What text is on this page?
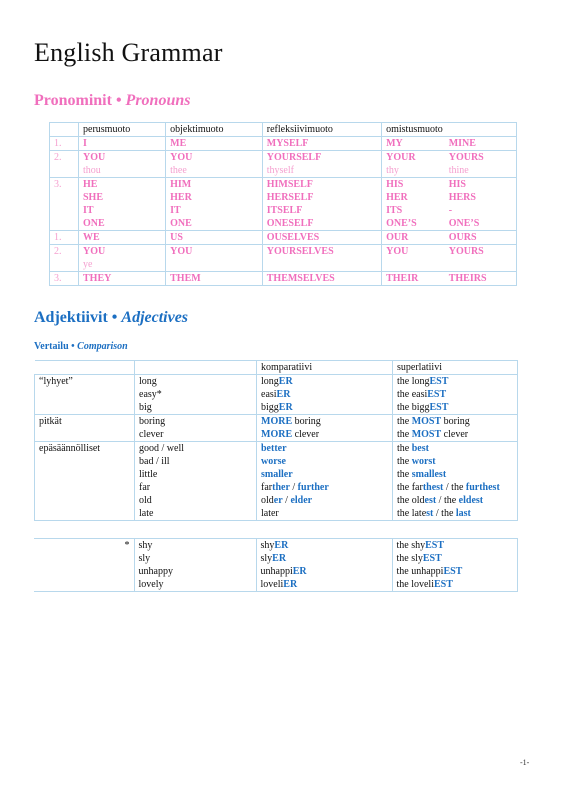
English Grammar
Pronominit • Pronouns
	perusmuoto	objektimuoto	refleksiivimuoto	omistusmuoto	
1.	I	ME	MYSELF	MY	MINE
2.	YOU	YOU	YOURSELF	YOUR	YOURS
	thou	thee	thyself	thy	thine
3.	HE	HIM	HIMSELF	HIS	HIS
	SHE	HER	HERSELF	HER	HERS
	IT	IT	ITSELF	ITS	-
	ONE	ONE	ONESELF	ONE’S	ONE’S
1.	WE	US	OUSELVES	OUR	OURS
2.	YOU	YOU	YOURSELVES	YOU	YOURS
	ye				
3.	THEY	THEM	THEMSELVES	THEIR	THEIRS
Adjektiivit • Adjectives
Vertailu • Comparison
		komparatiivi	superlatiivi
“lyhyet”	long	longER	the longEST
	easy*	easiER	the easiEST
	big	biggER	the biggEST
pitkät	boring	MORE boring	the MOST boring
	clever	MORE clever	the MOST clever
epäsäännölliset	good / well	better	the best
	bad / ill	worse	the worst
	little	smaller	the smallest
	far	farther / further	the farthest / the furthest
	old	older / elder	the oldest / the eldest
	late	later	the latest / the last
*	shy	shyER	the shyEST
	sly	slyER	the slyEST
	unhappy	unhappiER	the unhappiEST
	lovely	loveliER	the loveliEST
-1-
